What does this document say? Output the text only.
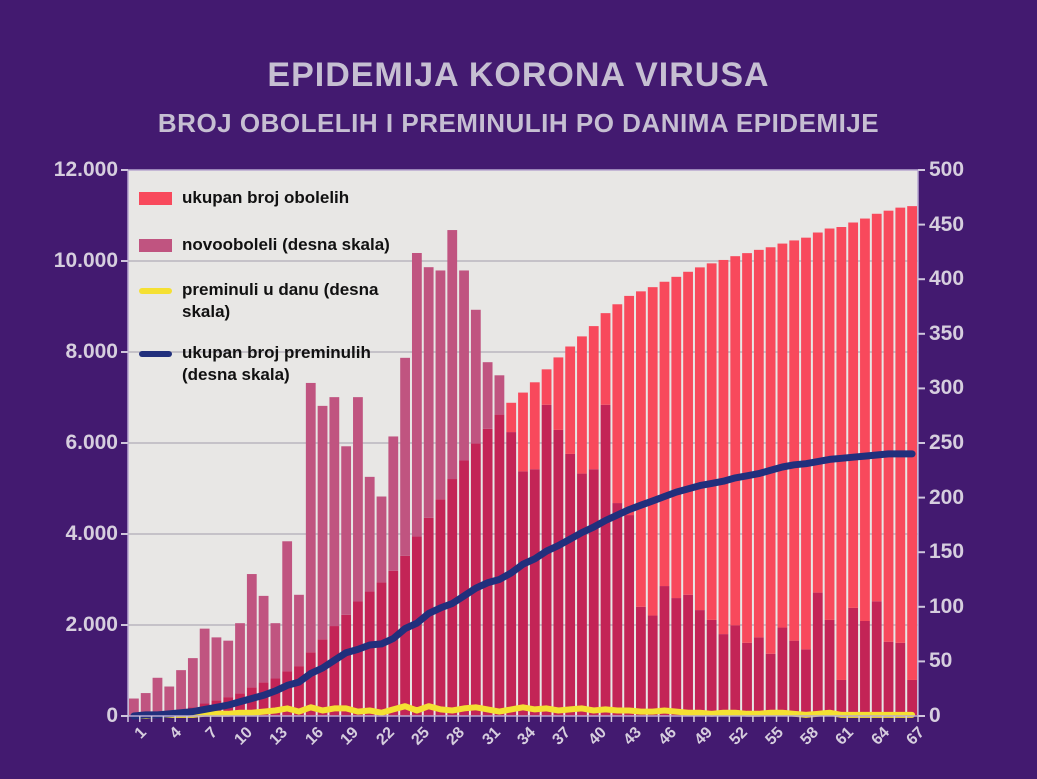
EPIDEMIJA KORONA VIRUSA
BROJ OBOLELIH I PREMINULIH PO DANIMA EPIDEMIJE
ukupan broj obolelih
novooboleli (desna skala)
preminuli u danu (desna skala)
ukupan broj preminulih (desna skala)
0
2.000
4.000
6.000
8.000
10.000
12.000
0
50
100
150
200
250
300
350
400
450
500
1	4	7 10 13 16 19 22 25 28 31 34 37 40 43 46 49 52 55 58 61 64 67
